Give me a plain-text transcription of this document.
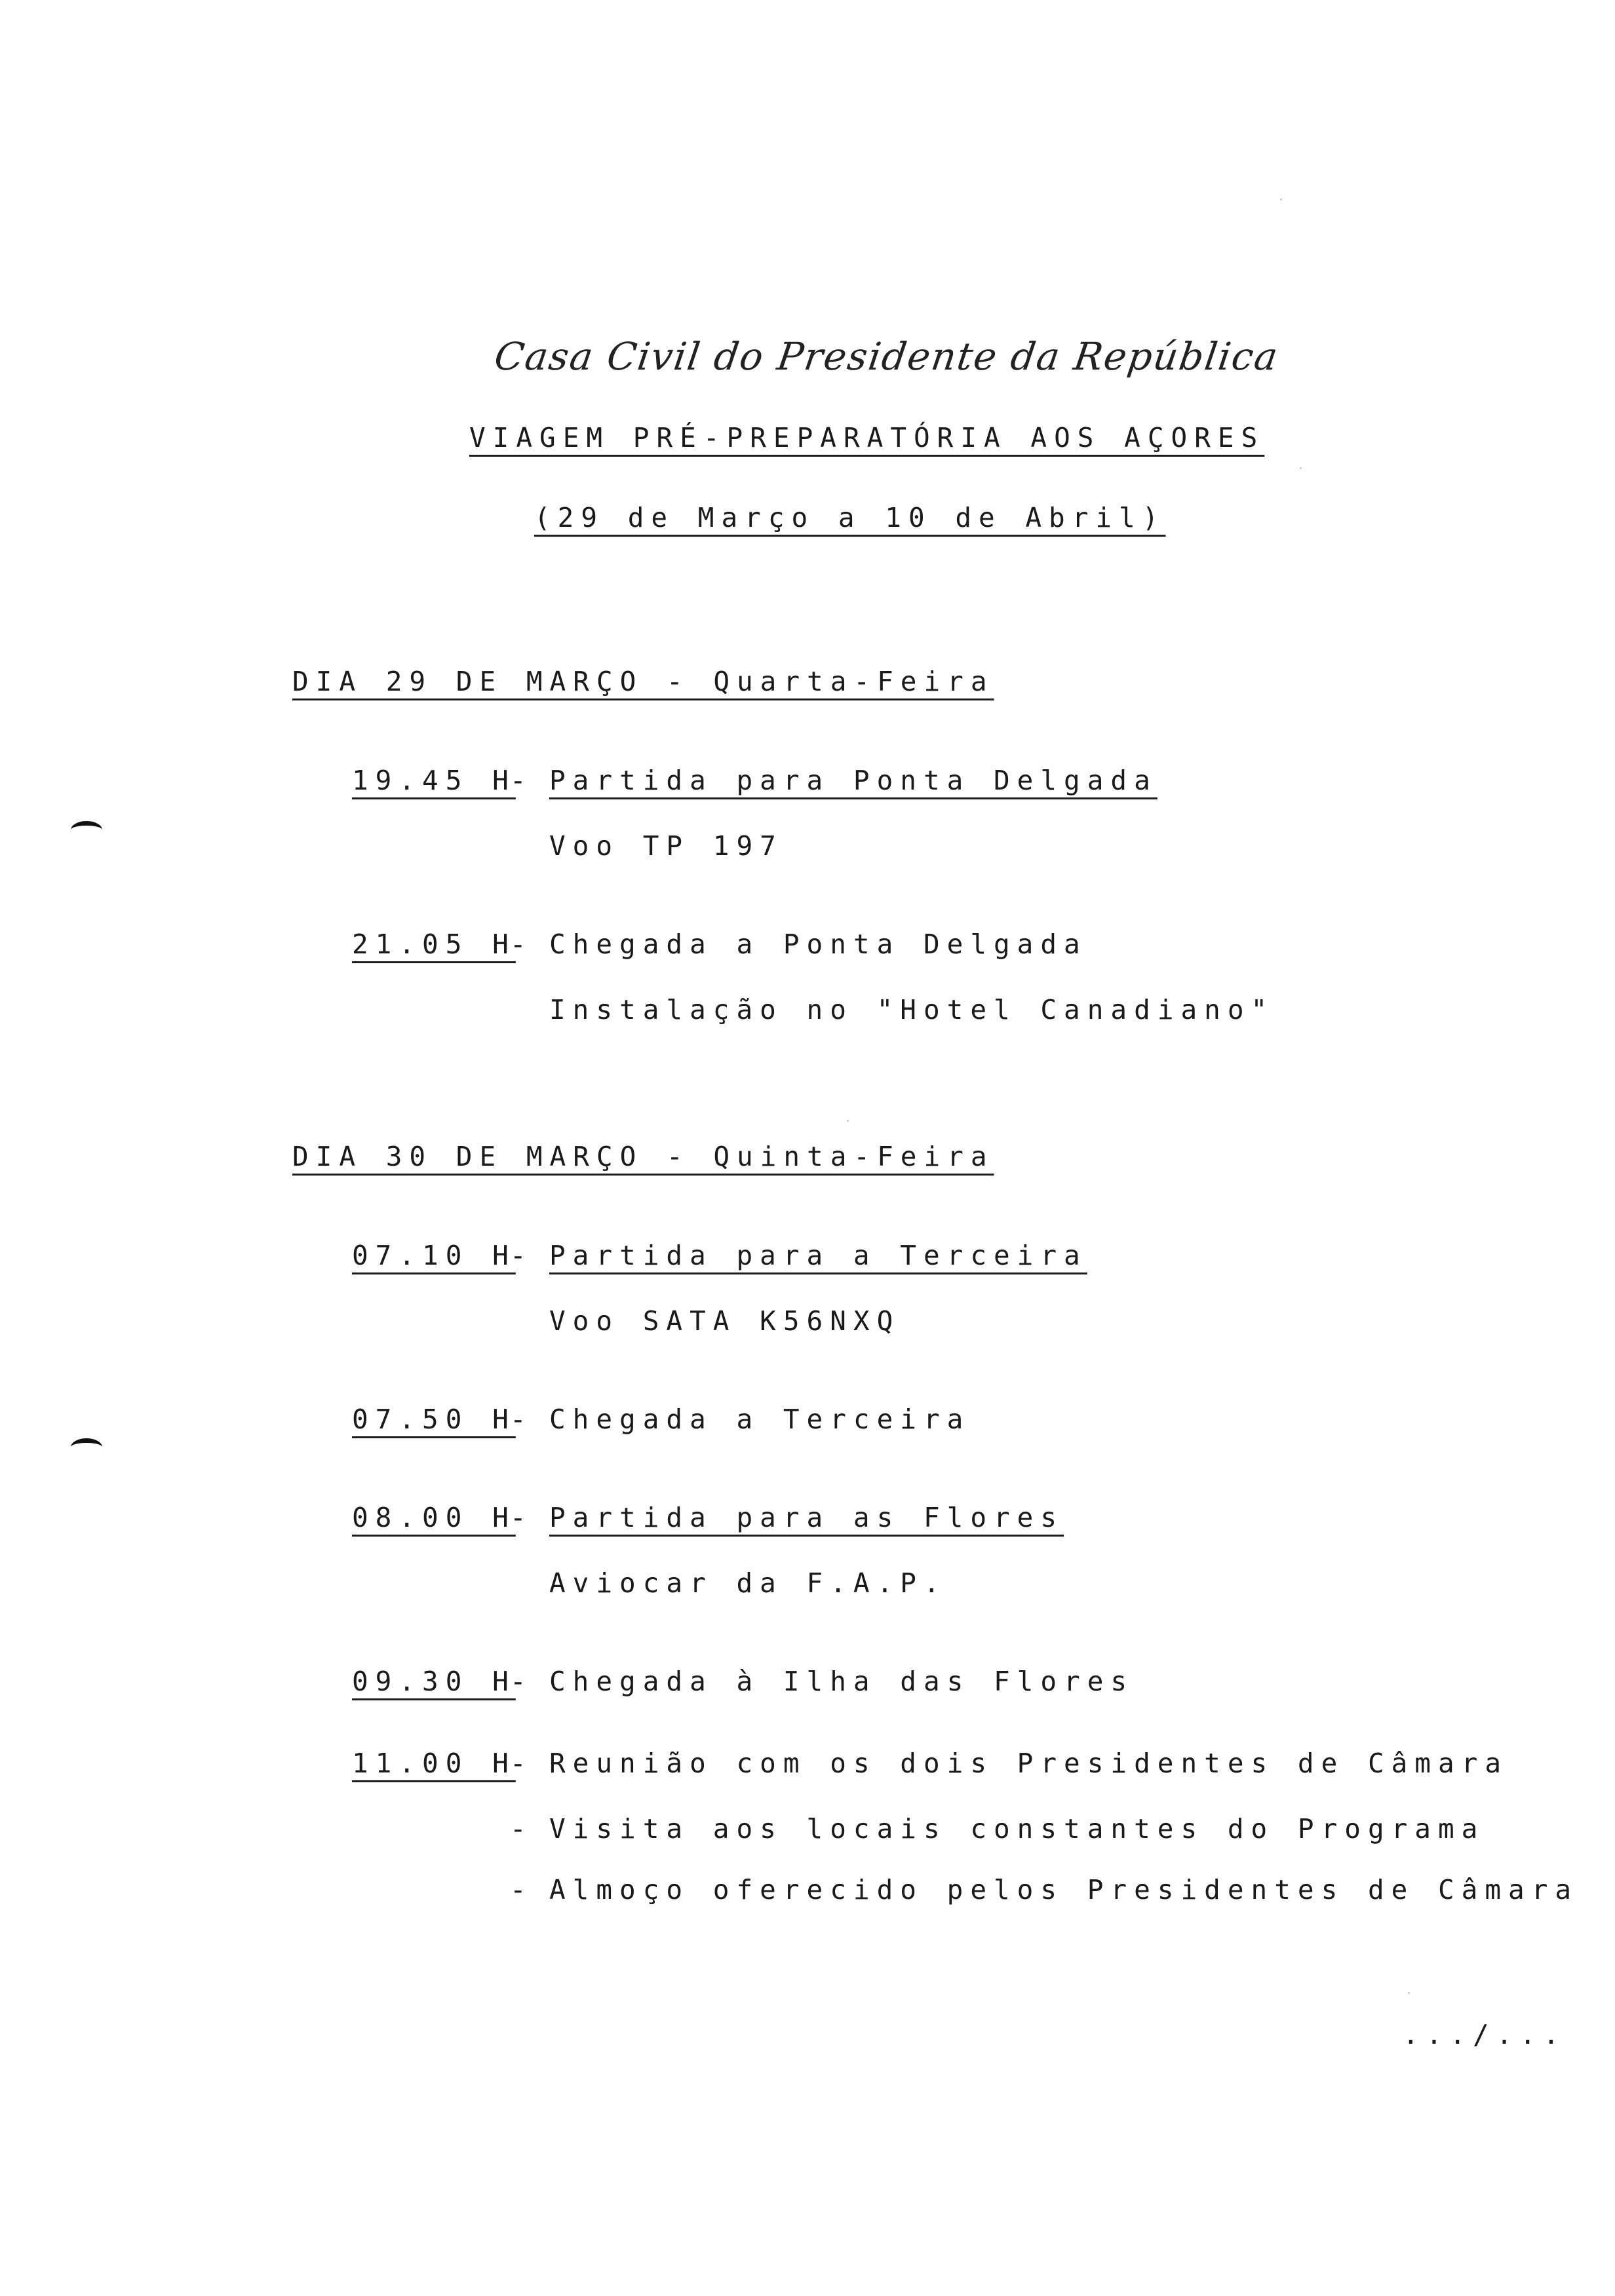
Casa Civil do Presidente da República
VIAGEM PRÉ-PREPARATÓRIA AOS AÇORES
(29 de Março a 10 de Abril)
DIA 29 DE MARÇO - Quarta-Feira
19.45 H
- Partida para Ponta Delgada
Voo TP 197
21.05 H
- Chegada a Ponta Delgada
Instalação no "Hotel Canadiano"
DIA 30 DE MARÇO - Quinta-Feira
07.10 H
- Partida para a Terceira
Voo SATA K56NXQ
07.50 H
- Chegada a Terceira
08.00 H
- Partida para as Flores
Aviocar da F.A.P.
09.30 H
- Chegada à Ilha das Flores
11.00 H
- Reunião com os dois Presidentes de Câmara
- Visita aos locais constantes do Programa
- Almoço oferecido pelos Presidentes de Câmara
.../...
